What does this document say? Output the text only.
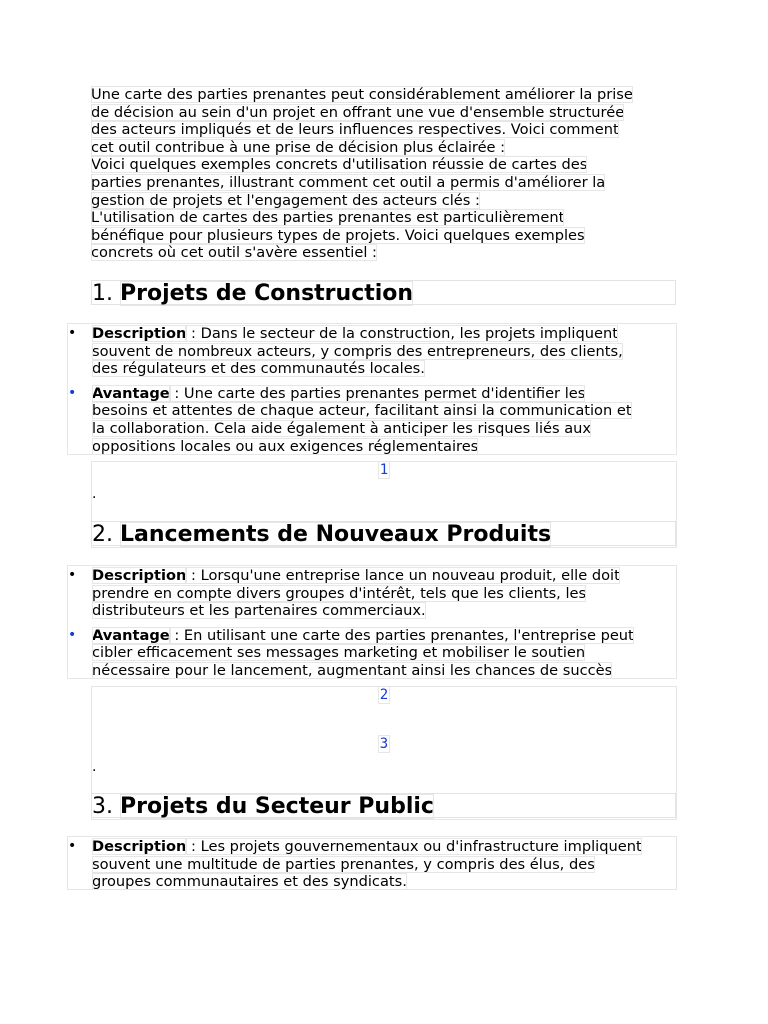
Une carte des parties prenantes peut considérablement améliorer la prise
de décision au sein d'un projet en offrant une vue d'ensemble structurée
des acteurs impliqués et de leurs influences respectives. Voici comment
cet outil contribue à une prise de décision plus éclairée :
Voici quelques exemples concrets d'utilisation réussie de cartes des
parties prenantes, illustrant comment cet outil a permis d'améliorer la
gestion de projets et l'engagement des acteurs clés :
L'utilisation de cartes des parties prenantes est particulièrement
bénéfique pour plusieurs types de projets. Voici quelques exemples
concrets où cet outil s'avère essentiel :
1. Projets de Construction
• Description : Dans le secteur de la construction, les projets impliquent
souvent de nombreux acteurs, y compris des entrepreneurs, des clients,
des régulateurs et des communautés locales.
• Avantage : Une carte des parties prenantes permet d'identifier les
besoins et attentes de chaque acteur, facilitant ainsi la communication et
la collaboration. Cela aide également à anticiper les risques liés aux
oppositions locales ou aux exigences réglementaires
1
.
2. Lancements de Nouveaux Produits
• Description : Lorsqu'une entreprise lance un nouveau produit, elle doit
prendre en compte divers groupes d'intérêt, tels que les clients, les
distributeurs et les partenaires commerciaux.
• Avantage : En utilisant une carte des parties prenantes, l'entreprise peut
cibler efficacement ses messages marketing et mobiliser le soutien
nécessaire pour le lancement, augmentant ainsi les chances de succès
2
3
.
3. Projets du Secteur Public
• Description : Les projets gouvernementaux ou d'infrastructure impliquent
souvent une multitude de parties prenantes, y compris des élus, des
groupes communautaires et des syndicats.
